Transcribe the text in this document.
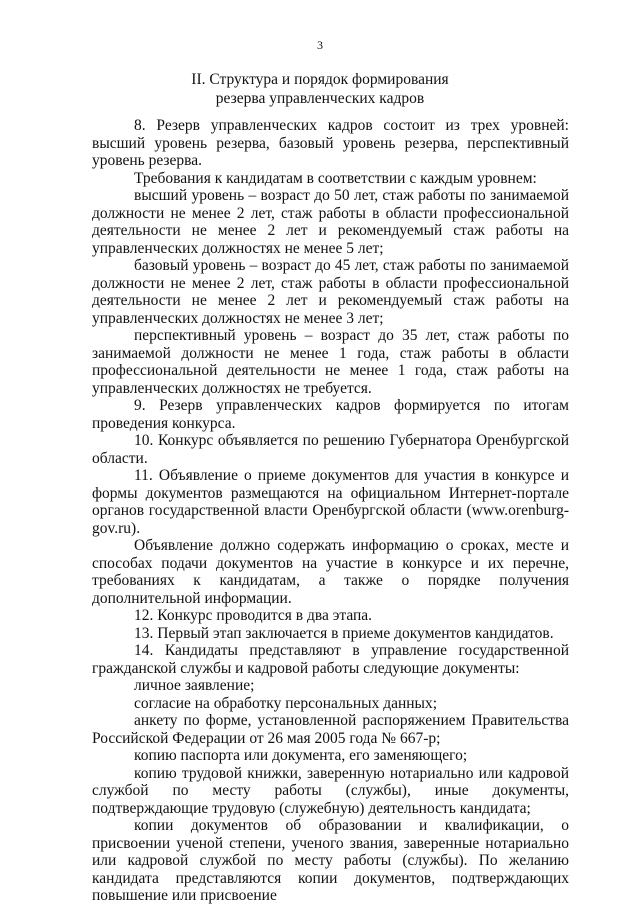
3
II. Структура и порядок формирования
резерва управленческих кадров

8. Резерв управленческих кадров состоит из трех уровней: высший уровень резерва, базовый уровень резерва, перспективный уровень резерва.

Требования к кандидатам в соответствии с каждым уровнем:

высший уровень – возраст до 50 лет, стаж работы по занимаемой должности не менее 2 лет, стаж работы в области профессиональной деятельности не менее 2 лет и рекомендуемый стаж работы на управленческих должностях не менее 5 лет;

базовый уровень – возраст до 45 лет, стаж работы по занимаемой должности не менее 2 лет, стаж работы в области профессиональной деятельности не менее 2 лет и рекомендуемый стаж работы на управленческих должностях не менее 3 лет;

перспективный уровень – возраст до 35 лет, стаж работы по занимаемой должности не менее 1 года, стаж работы в области профессиональной деятельности не менее 1 года, стаж работы на управленческих должностях не требуется.

9. Резерв управленческих кадров формируется по итогам проведения конкурса.

10. Конкурс объявляется по решению Губернатора Оренбургской области.

11. Объявление о приеме документов для участия в конкурсе и формы документов размещаются на официальном Интернет-портале органов государственной власти Оренбургской области (www.orenburg-gov.ru).

Объявление должно содержать информацию о сроках, месте и способах подачи документов на участие в конкурсе и их перечне, требованиях к кандидатам, а также о порядке получения дополнительной информации.

12. Конкурс проводится в два этапа.

13. Первый этап заключается в приеме документов кандидатов.

14. Кандидаты представляют в управление государственной гражданской службы и кадровой работы следующие документы:

личное заявление;

согласие на обработку персональных данных;

анкету по форме, установленной распоряжением Правительства Российской Федерации от 26 мая 2005 года № 667-р;

копию паспорта или документа, его заменяющего;

копию трудовой книжки, заверенную нотариально или кадровой службой по месту работы (службы), иные документы, подтверждающие трудовую (служебную) деятельность кандидата;

копии документов об образовании и квалификации, о присвоении ученой степени, ученого звания, заверенные нотариально или кадровой службой по месту работы (службы). По желанию кандидата представляются копии документов, подтверждающих повышение или присвоение
